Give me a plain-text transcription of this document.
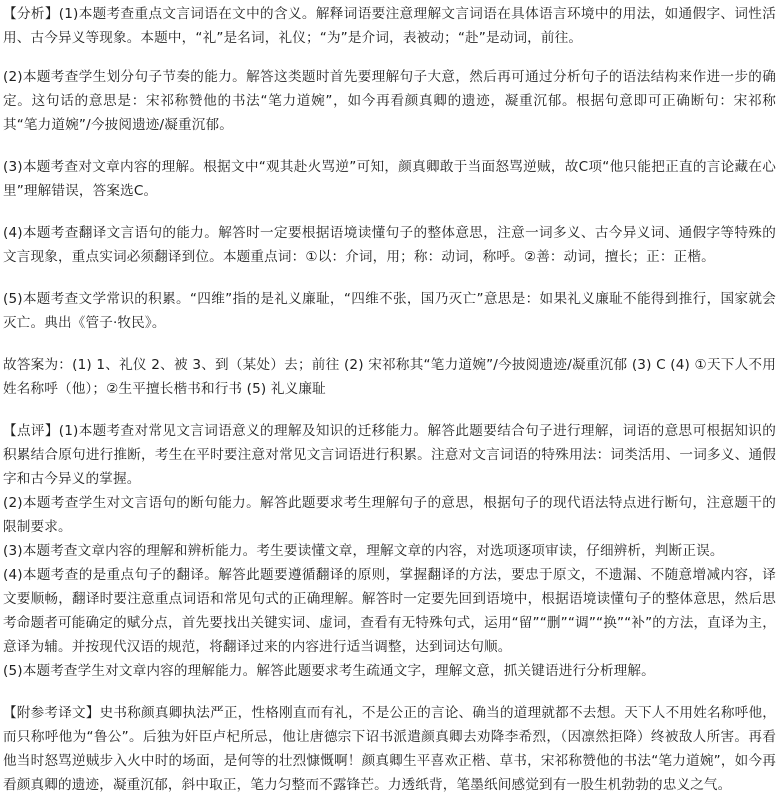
【分析】(1)本题考查重点文言词语在文中的含义。解释词语要注意理解文言词语在具体语言环境中的用法，如通假字、词性活用、古今异义等现象。本题中，“礼”是名词，礼仪；“为”是介词，表被动；“赴”是动词，前往。

(2)本题考查学生划分句子节奏的能力。解答这类题时首先要理解句子大意，然后再可通过分析句子的语法结构来作进一步的确定。这句话的意思是：宋祁称赞他的书法“笔力道婉”，如今再看颜真卿的遗迹，凝重沉郁。根据句意即可正确断句：宋祁称其“笔力道婉”/今披阅遗迹/凝重沉郁。

(3)本题考查对文章内容的理解。根据文中“观其赴火骂逆”可知，颜真卿敢于当面怒骂逆贼，故C项“他只能把正直的言论藏在心里”理解错误，答案选C。

(4)本题考查翻译文言语句的能力。解答时一定要根据语境读懂句子的整体意思，注意一词多义、古今异义词、通假字等特殊的文言现象，重点实词必须翻译到位。本题重点词：①以：介词，用；称：动词，称呼。②善：动词，擅长；正：正楷。

(5)本题考查文学常识的积累。“四维”指的是礼义廉耻，“四维不张，国乃灭亡”意思是：如果礼义廉耻不能得到推行，国家就会灭亡。典出《管子·牧民》。

故答案为：(1) 1、礼仪 2、被 3、到（某处）去；前往 (2) 宋祁称其“笔力道婉”/今披阅遗迹/凝重沉郁 (3) C (4) ①天下人不用姓名称呼（他）；②生平擅长楷书和行书 (5) 礼义廉耻

【点评】(1)本题考查对常见文言词语意义的理解及知识的迁移能力。解答此题要结合句子进行理解，词语的意思可根据知识的积累结合原句进行推断，考生在平时要注意对常见文言词语进行积累。注意对文言词语的特殊用法：词类活用、一词多义、通假字和古今异义的掌握。

(2)本题考查学生对文言语句的断句能力。解答此题要求考生理解句子的意思，根据句子的现代语法特点进行断句，注意题干的限制要求。

(3)本题考查文章内容的理解和辨析能力。考生要读懂文章，理解文章的内容，对选项逐项审读，仔细辨析，判断正误。

(4)本题考查的是重点句子的翻译。解答此题要遵循翻译的原则，掌握翻译的方法，要忠于原文，不遗漏、不随意增减内容，译文要顺畅，翻译时要注意重点词语和常见句式的正确理解。解答时一定要先回到语境中，根据语境读懂句子的整体意思，然后思考命题者可能确定的赋分点，首先要找出关键实词、虚词，查看有无特殊句式，运用“留”“删”“调”“换”“补”的方法，直译为主，意译为辅。并按现代汉语的规范，将翻译过来的内容进行适当调整，达到词达句顺。

(5)本题考查学生对文章内容的理解能力。解答此题要求考生疏通文字，理解文意，抓关键语进行分析理解。

【附参考译文】史书称颜真卿执法严正，性格刚直而有礼，不是公正的言论、确当的道理就都不去想。天下人不用姓名称呼他，而只称呼他为“鲁公”。后独为奸臣卢杞所忌，他让唐德宗下诏书派遣颜真卿去劝降李希烈，（因凛然拒降）终被敌人所害。再看他当时怒骂逆贼步入火中时的场面，是何等的壮烈慷慨啊！颜真卿生平喜欢正楷、草书，宋祁称赞他的书法“笔力道婉”，如今再看颜真卿的遗迹，凝重沉郁，斜中取正，笔力匀整而不露锋芒。力透纸背，笔墨纸间感觉到有一股生机勃勃的忠义之气。
